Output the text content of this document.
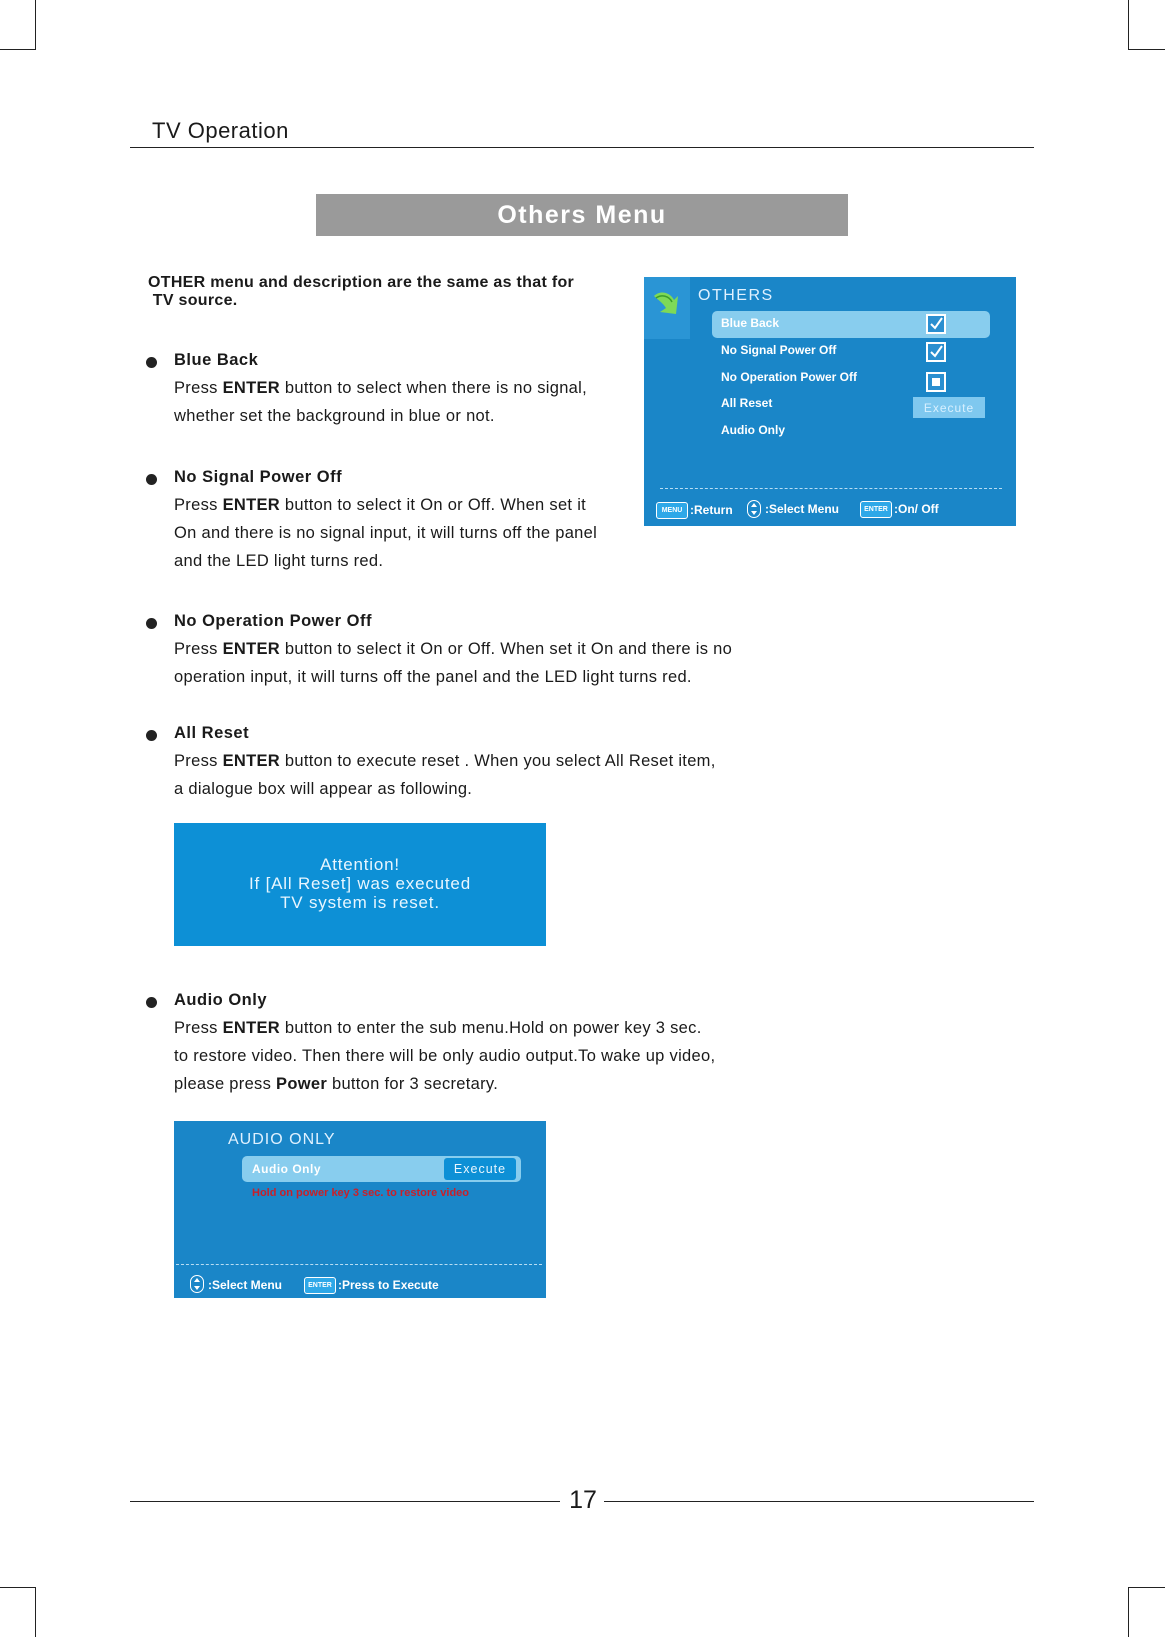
TV Operation
Others Menu
OTHER menu and description are the same as that for
TV source.
Blue Back
Press ENTER button to select when there is no signal,
whether set the background in blue or not.
No Signal Power Off
Press ENTER button to select it On or Off. When set it
On and there is no signal input, it will turns off the panel
and the LED light turns red.
No Operation Power Off
Press ENTER button to select it On or Off. When set it On and there is no
operation input, it will turns off the panel and the LED light turns red.
All Reset
Press ENTER button to execute reset . When you select All Reset item,
a dialogue box will appear as following.
Audio Only
Press ENTER button to enter the sub menu.Hold on power key 3 sec.
to restore video. Then there will be only audio output.To wake up video,
please press Power button for 3 secretary.
OTHERS
Blue Back
No Signal Power Off
No Operation Power Off
All Reset
Audio Only
Execute
MENU :Return	:Select Menu	ENTER :On/ Off
Attention!
If [All Reset] was executed
TV system is reset.
AUDIO ONLY
Audio Only	Execute
Hold on power key 3 sec. to restore video
:Select Menu	ENTER :Press to Execute
17
